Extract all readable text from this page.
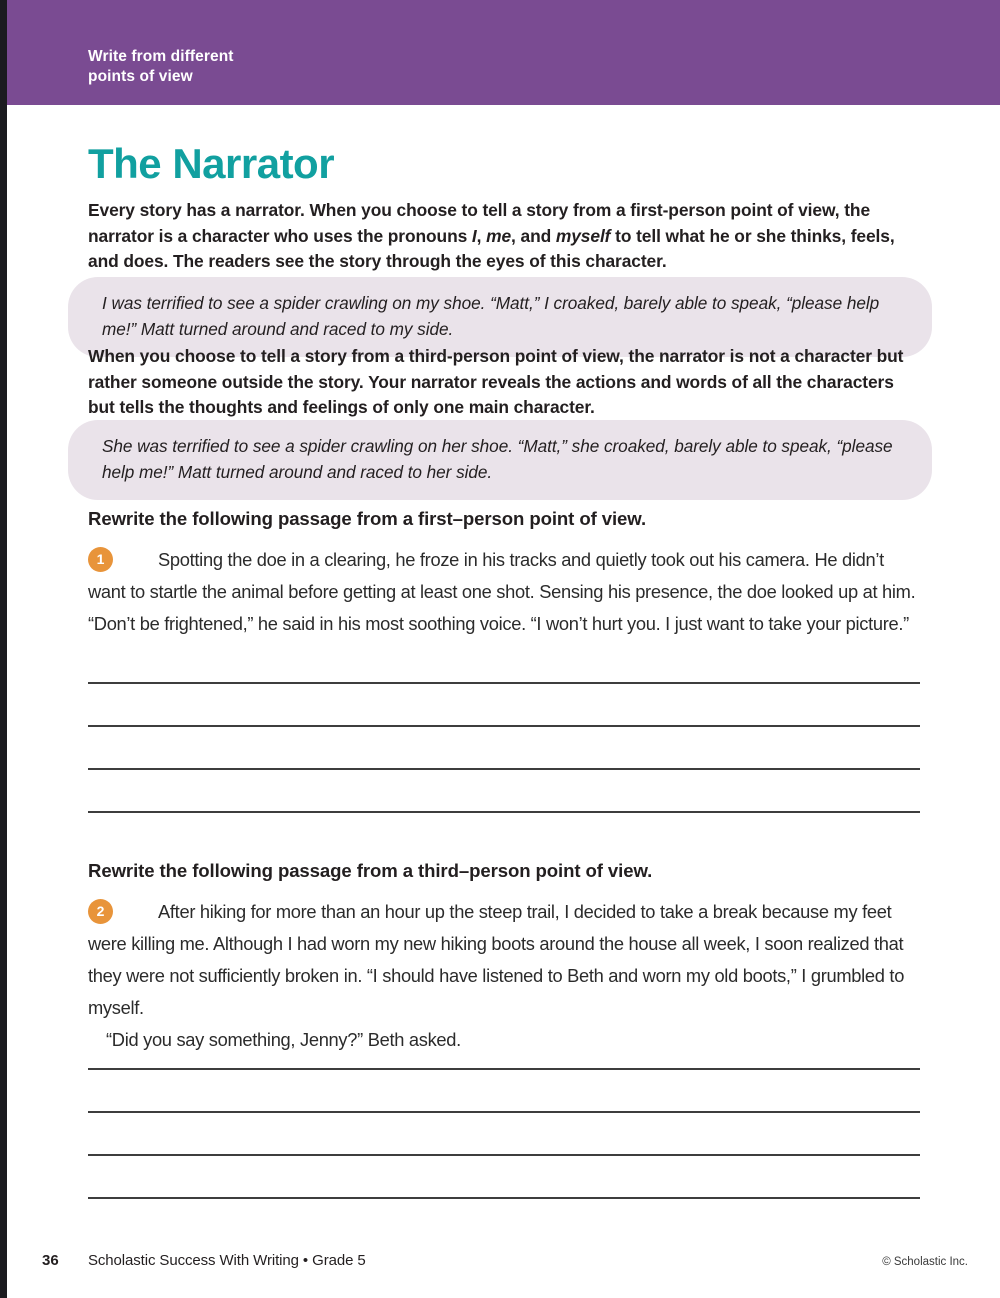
Write from different
points of view
The Narrator
Every story has a narrator. When you choose to tell a story from a first-person point of view, the narrator is a character who uses the pronouns I, me, and myself to tell what he or she thinks, feels, and does. The readers see the story through the eyes of this character.
I was terrified to see a spider crawling on my shoe. “Matt,” I croaked, barely able to speak, “please help me!” Matt turned around and raced to my side.
When you choose to tell a story from a third-person point of view, the narrator is not a character but rather someone outside the story. Your narrator reveals the actions and words of all the characters but tells the thoughts and feelings of only one main character.
She was terrified to see a spider crawling on her shoe. “Matt,” she croaked, barely able to speak, “please help me!” Matt turned around and raced to her side.
Rewrite the following passage from a first–person point of view.
1	Spotting the doe in a clearing, he froze in his tracks and quietly took out his camera. He didn’t want to startle the animal before getting at least one shot. Sensing his presence, the doe looked up at him. “Don’t be frightened,” he said in his most soothing voice. “I won’t hurt you. I just want to take your picture.”

Rewrite the following passage from a third–person point of view.
2	After hiking for more than an hour up the steep trail, I decided to take a break because my feet were killing me. Although I had worn my new hiking boots around the house all week, I soon realized that they were not sufficiently broken in. “I should have listened to Beth and worn my old boots,” I grumbled to myself.

“Did you say something, Jenny?” Beth asked.

36 Scholastic Success With Writing • Grade 5	© Scholastic Inc.
